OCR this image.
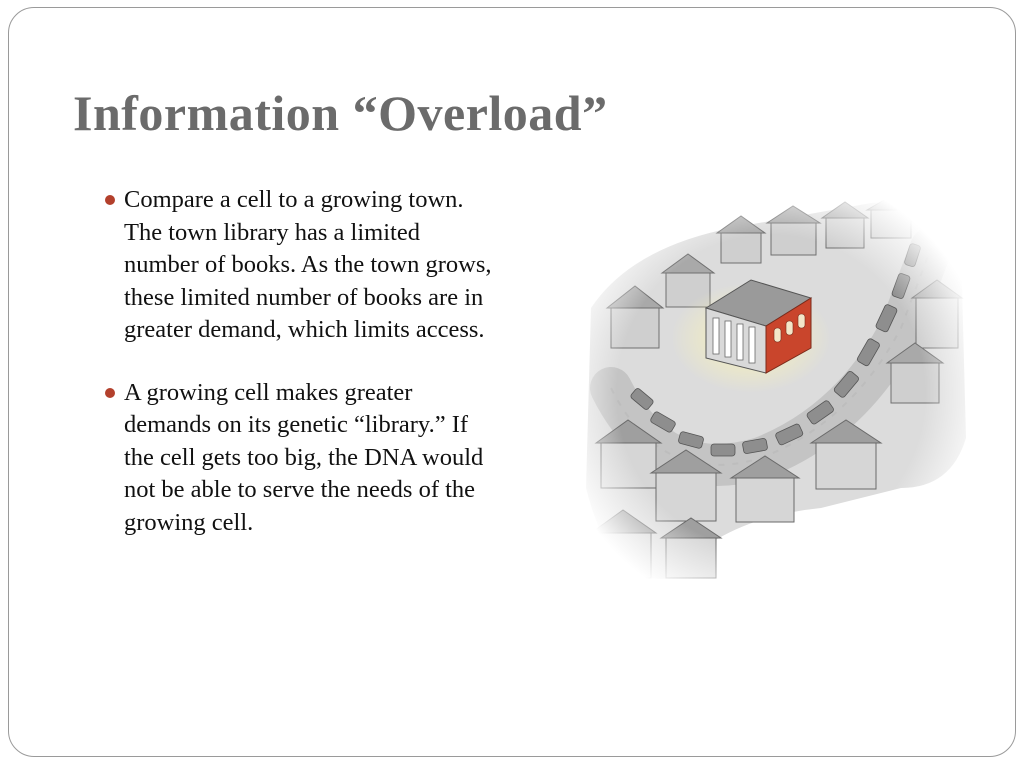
Information “Overload”
Compare a cell to a growing town. The town library has a limited number of books. As the town grows, these limited number of books are in greater demand, which limits access.
A growing cell makes greater demands on its genetic “library.” If the cell gets too big, the DNA would not be able to serve the needs of the growing cell.
